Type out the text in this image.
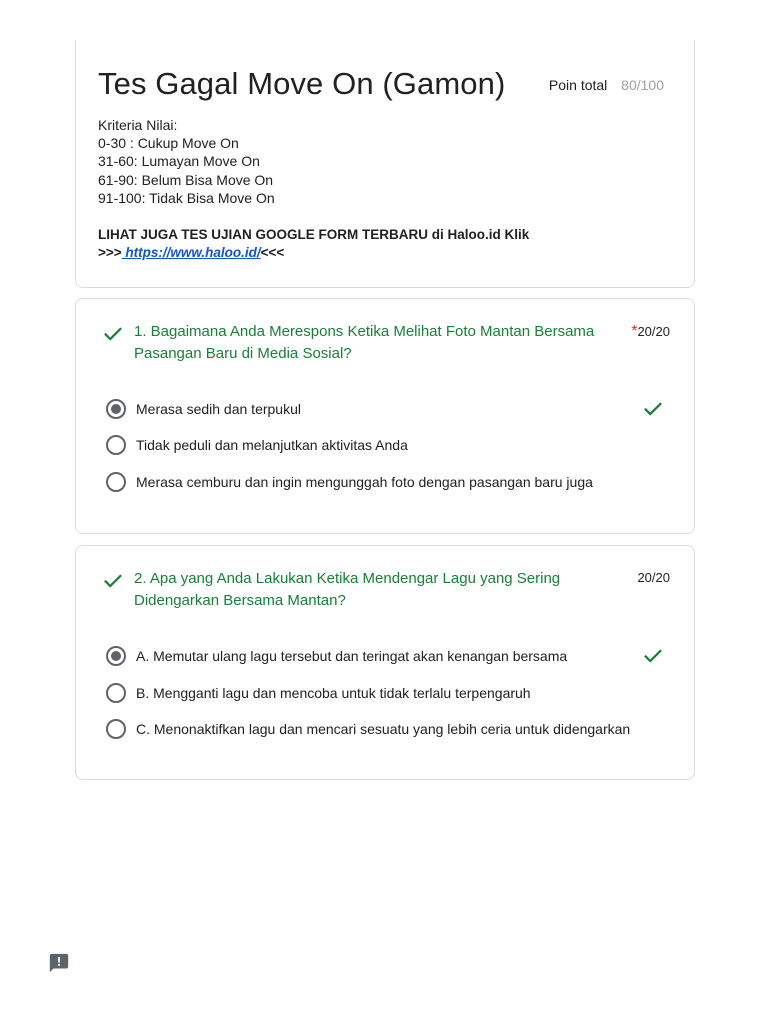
Tes Gagal Move On (Gamon)	Poin total 80/100
Kriteria Nilai:
0-30 : Cukup Move On
31-60: Lumayan Move On
61-90: Belum Bisa Move On
91-100: Tidak Bisa Move On
LIHAT JUGA TES UJIAN GOOGLE FORM TERBARU di Haloo.id Klik
>>> https://www.haloo.id/<<<
1. Bagaimana Anda Merespons Ketika Melihat Foto Mantan Bersama Pasangan Baru di Media Sosial?
*20/20
Merasa sedih dan terpukul
Tidak peduli dan melanjutkan aktivitas Anda
Merasa cemburu dan ingin mengunggah foto dengan pasangan baru juga
2. Apa yang Anda Lakukan Ketika Mendengar Lagu yang Sering Didengarkan Bersama Mantan?
20/20
A. Memutar ulang lagu tersebut dan teringat akan kenangan bersama
B. Mengganti lagu dan mencoba untuk tidak terlalu terpengaruh
C. Menonaktifkan lagu dan mencari sesuatu yang lebih ceria untuk didengarkan
